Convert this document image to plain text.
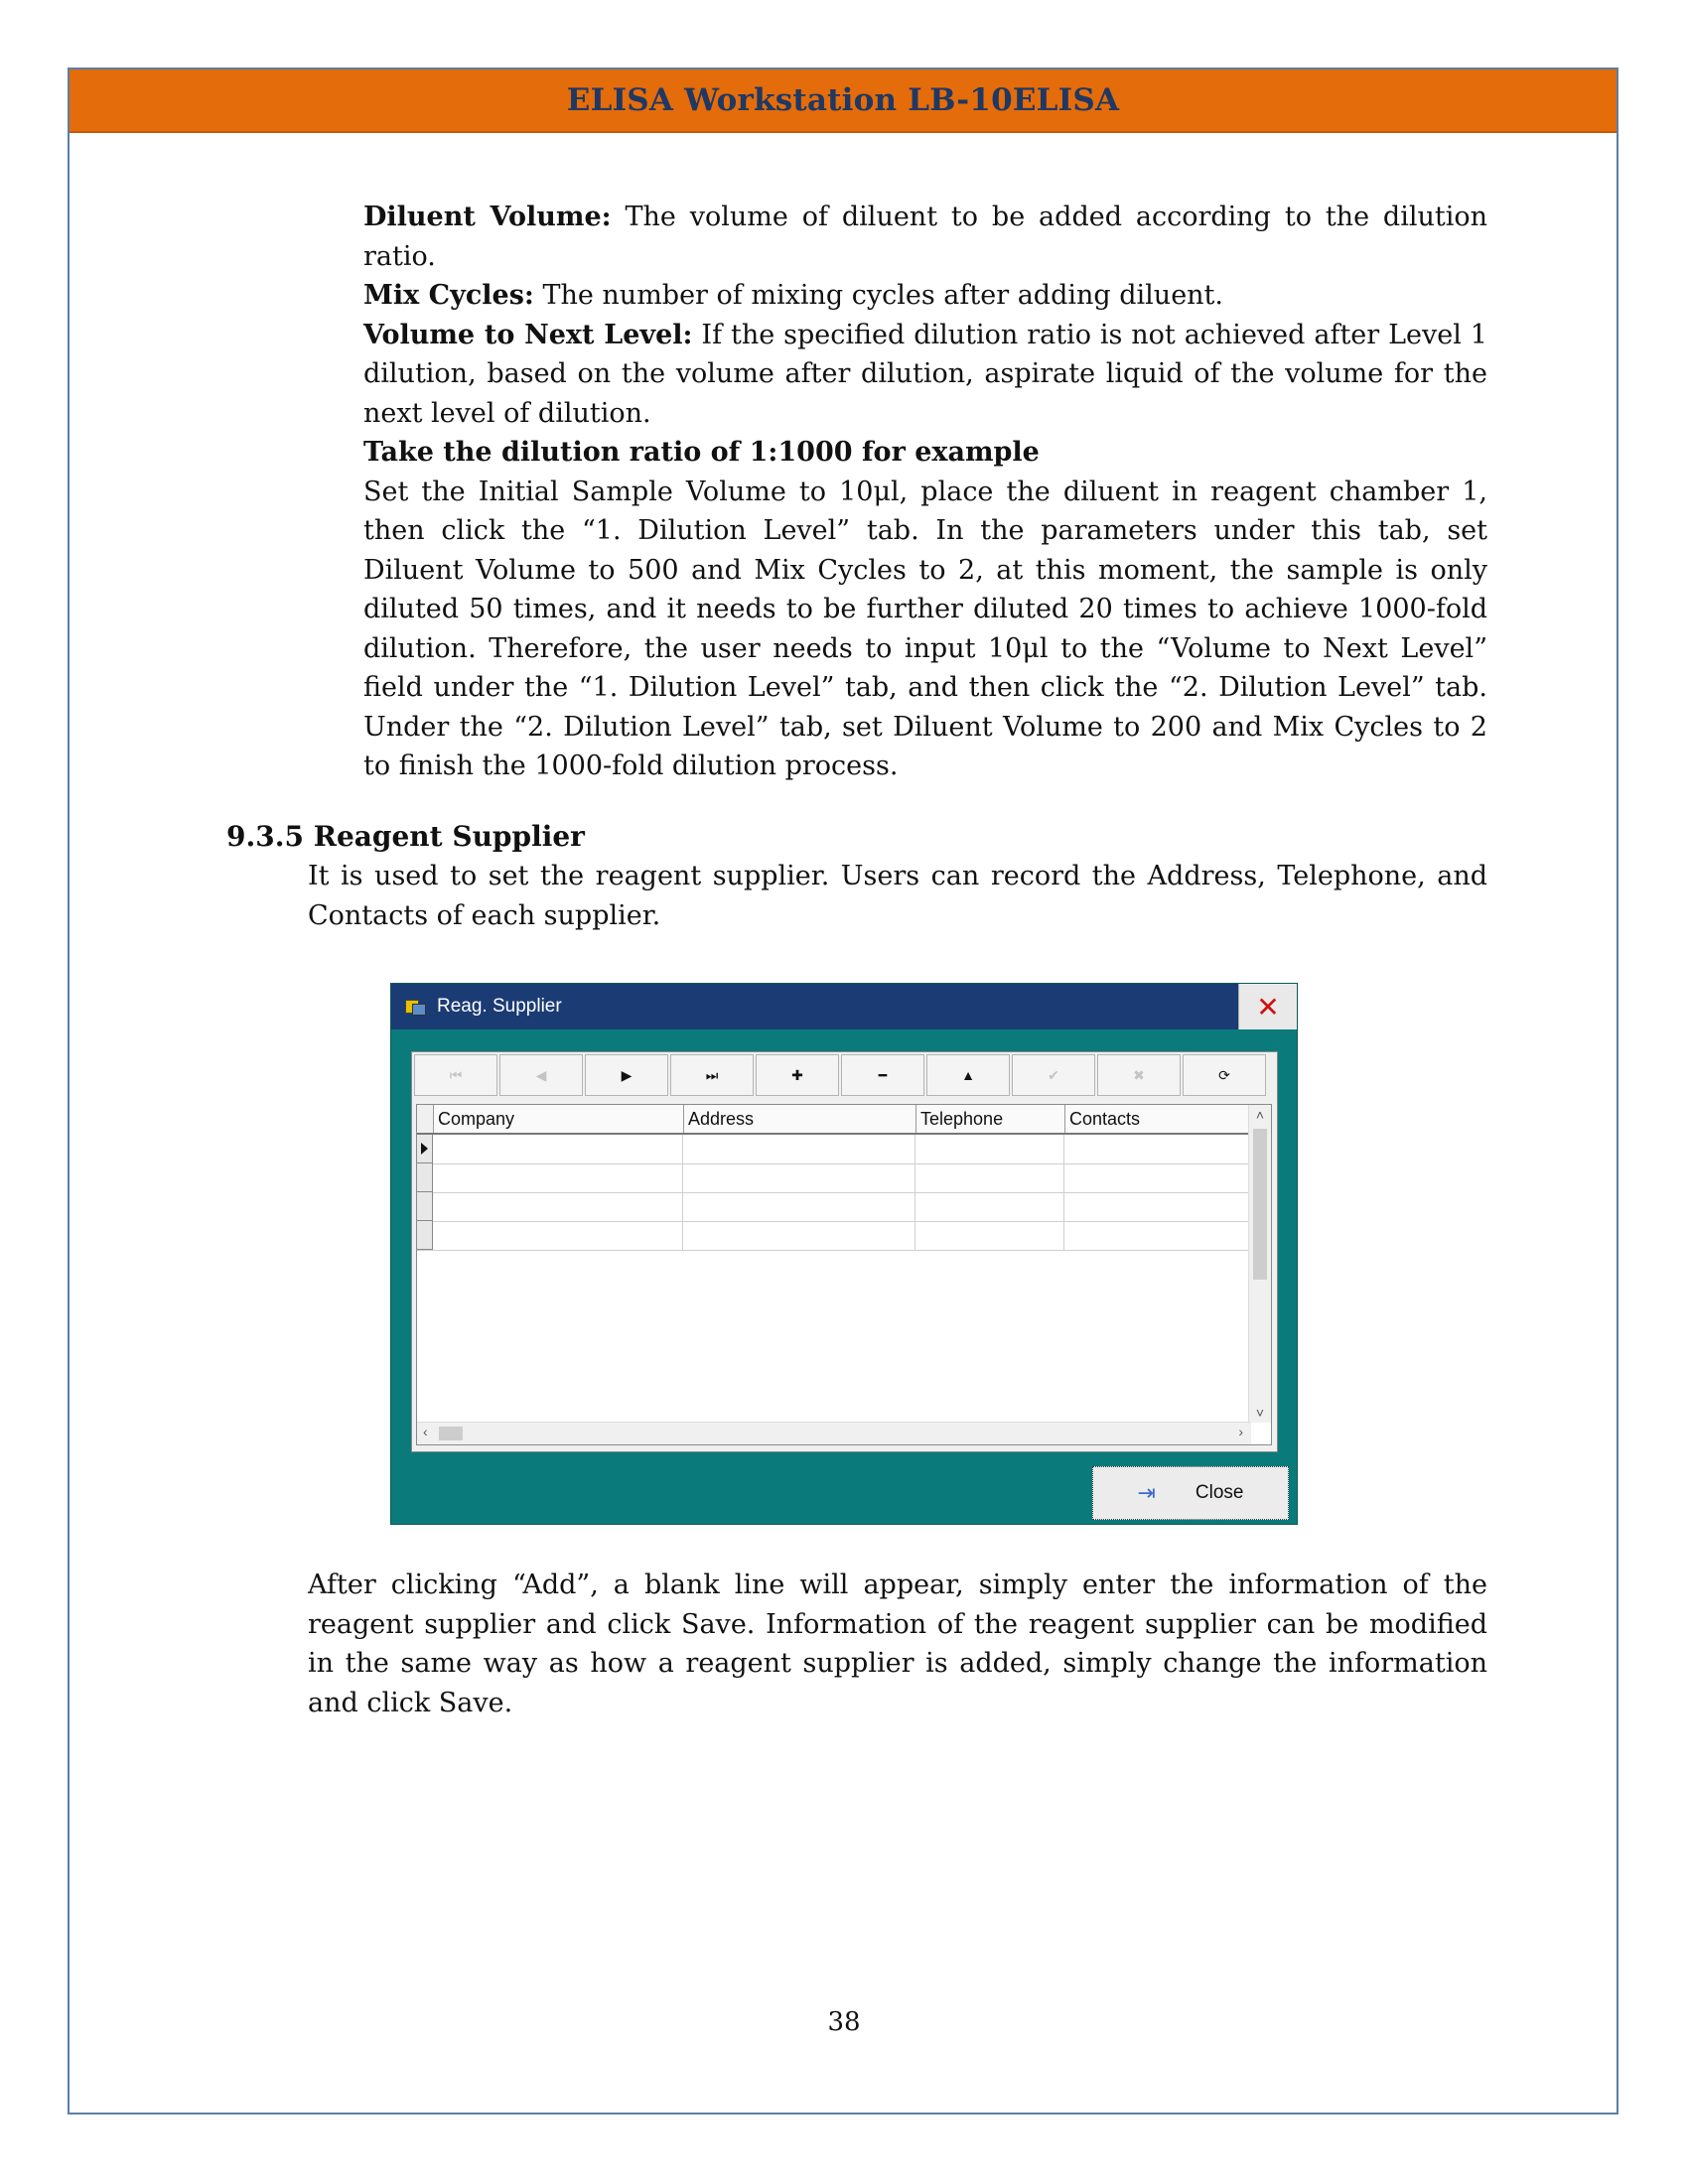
ELISA Workstation LB-10ELISA

Diluent Volume: The volume of diluent to be added according to the dilution ratio.

Mix Cycles: The number of mixing cycles after adding diluent.

Volume to Next Level: If the specified dilution ratio is not achieved after Level 1 dilution, based on the volume after dilution, aspirate liquid of the volume for the next level of dilution.

Take the dilution ratio of 1:1000 for example

Set the Initial Sample Volume to 10μl, place the diluent in reagent chamber 1, then click the “1. Dilution Level” tab. In the parameters under this tab, set Diluent Volume to 500 and Mix Cycles to 2, at this moment, the sample is only diluted 50 times, and it needs to be further diluted 20 times to achieve 1000-fold dilution. Therefore, the user needs to input 10μl to the “Volume to Next Level” field under the “1. Dilution Level” tab, and then click the “2. Dilution Level” tab. Under the “2. Dilution Level” tab, set Diluent Volume to 200 and Mix Cycles to 2 to finish the 1000-fold dilution process.

9.3.5 Reagent Supplier

It is used to set the reagent supplier. Users can record the Address, Telephone, and Contacts of each supplier.

Reag. Supplier	✕
⏮	◀	▶	⏭	✚	━	▲	✔	✖	⟳
Company	Address	Telephone	Contacts	˄
˅
‹	›
⇥ Close

After clicking “Add”, a blank line will appear, simply enter the information of the reagent supplier and click Save. Information of the reagent supplier can be modified in the same way as how a reagent supplier is added, simply change the information and click Save.

38
